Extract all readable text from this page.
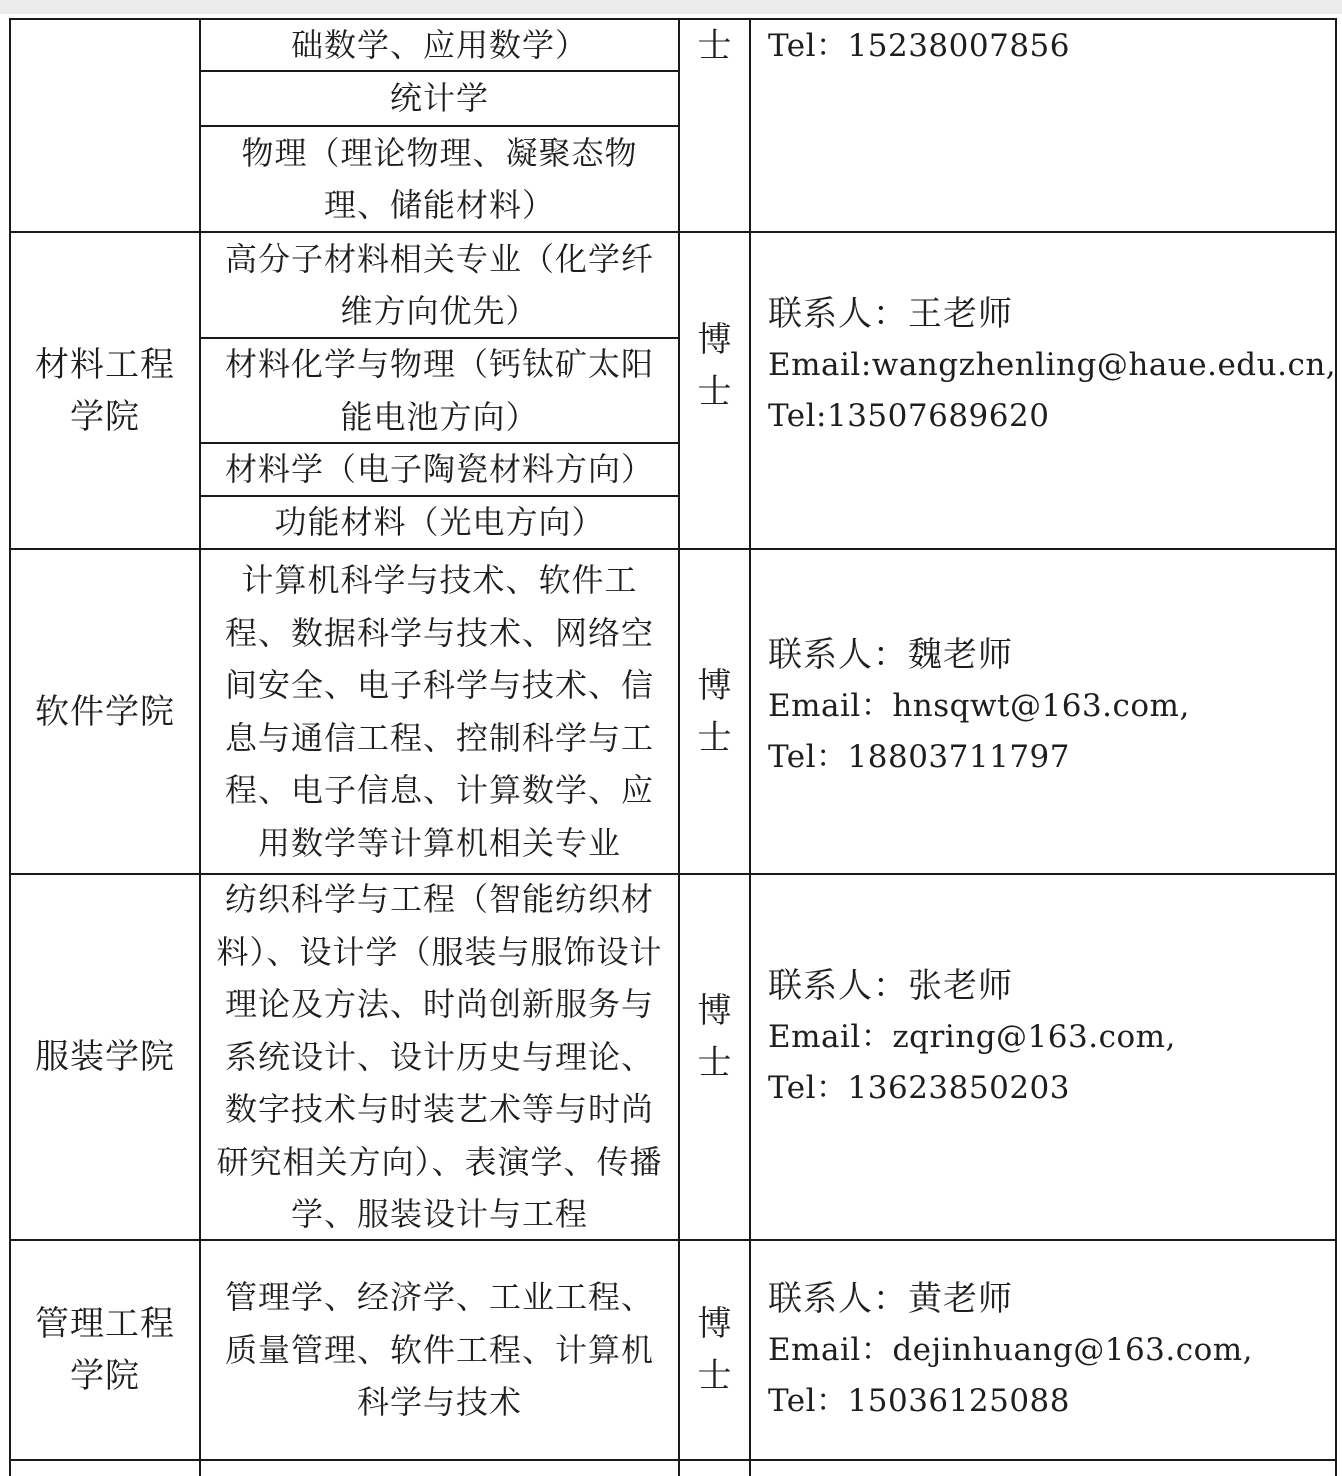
础数学、应用数学）
统计学
物理（理论物理、凝聚态物理、储能材料）
士 Tel：15238007856
材料工程学院
高分子材料相关专业（化学纤维方向优先）
材料化学与物理（钙钛矿太阳能电池方向）
材料学（电子陶瓷材料方向）
功能材料（光电方向）
博士
联系人：王老师
Email:wangzhenling@haue.edu.cn,
Tel:13507689620
软件学院
计算机科学与技术、软件工程、数据科学与技术、网络空间安全、电子科学与技术、信息与通信工程、控制科学与工程、电子信息、计算数学、应用数学等计算机相关专业
博士
联系人：魏老师
Email：hnsqwt@163.com,
Tel：18803711797
服装学院
纺织科学与工程（智能纺织材料）、设计学（服装与服饰设计理论及方法、时尚创新服务与系统设计、设计历史与理论、数字技术与时装艺术等与时尚研究相关方向）、表演学、传播学、服装设计与工程
博士
联系人：张老师
Email：zqring@163.com,
Tel：13623850203
管理工程学院
管理学、经济学、工业工程、质量管理、软件工程、计算机科学与技术
博士
联系人：黄老师
Email：dejinhuang@163.com,
Tel：15036125088
